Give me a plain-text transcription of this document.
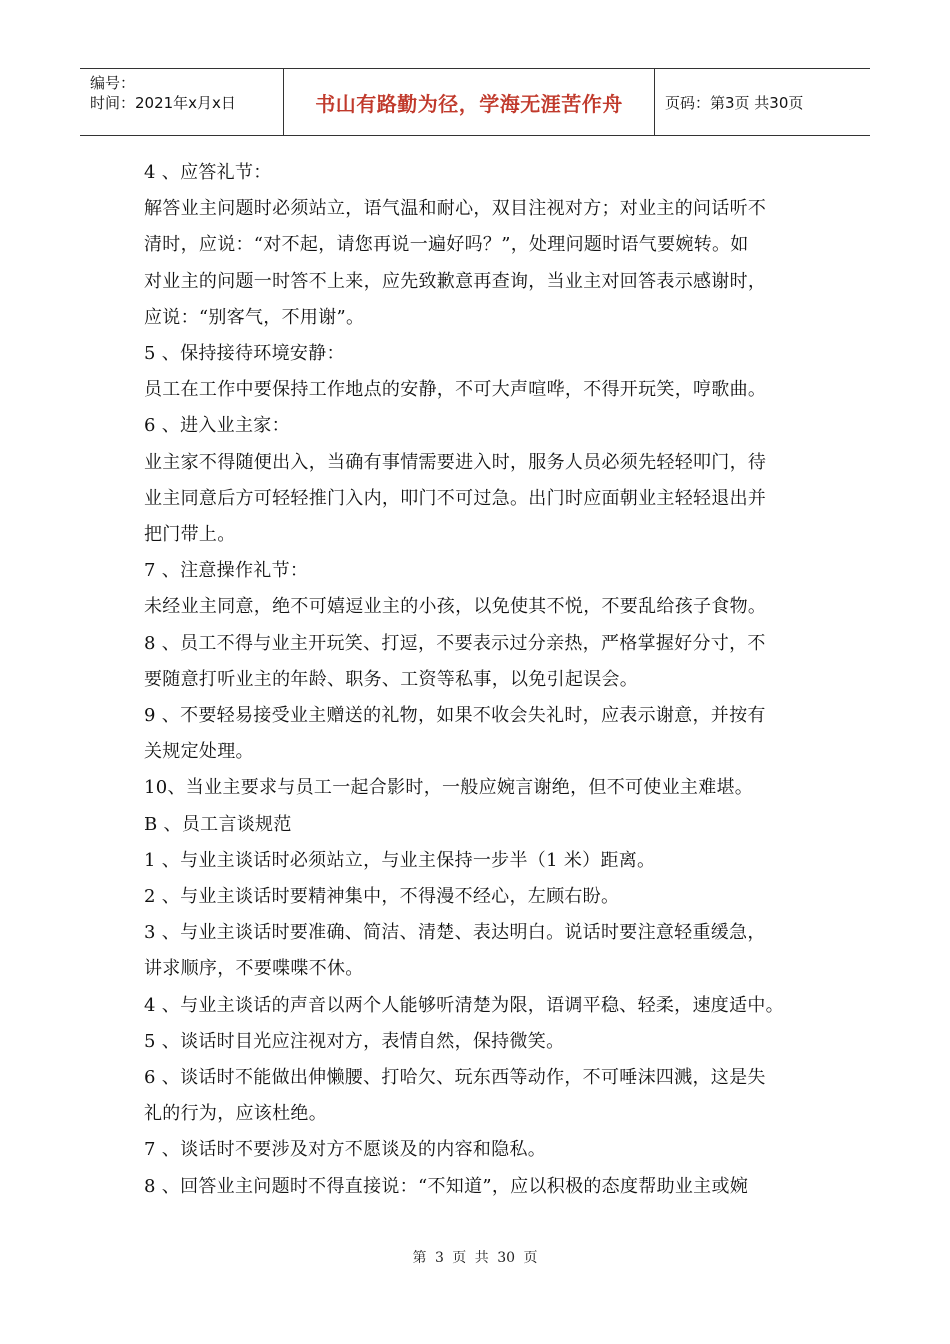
编号：
时间：2021年x月x日	书山有路勤为径，学海无涯苦作舟	页码：第3页 共30页

4 、应答礼节：

解答业主问题时必须站立，语气温和耐心，双目注视对方；对业主的问话听不

清时，应说：“对不起，请您再说一遍好吗？”，处理问题时语气要婉转。如

对业主的问题一时答不上来，应先致歉意再查询，当业主对回答表示感谢时，

应说：“别客气，不用谢”。

5 、保持接待环境安静：

员工在工作中要保持工作地点的安静，不可大声喧哗，不得开玩笑，哼歌曲。

6 、进入业主家：

业主家不得随便出入，当确有事情需要进入时，服务人员必须先轻轻叩门，待

业主同意后方可轻轻推门入内，叩门不可过急。出门时应面朝业主轻轻退出并

把门带上。

7 、注意操作礼节：

未经业主同意，绝不可嬉逗业主的小孩，以免使其不悦，不要乱给孩子食物。

8 、员工不得与业主开玩笑、打逗，不要表示过分亲热，严格掌握好分寸，不

要随意打听业主的年龄、职务、工资等私事，以免引起误会。

9 、不要轻易接受业主赠送的礼物，如果不收会失礼时，应表示谢意，并按有

关规定处理。

10、当业主要求与员工一起合影时，一般应婉言谢绝，但不可使业主难堪。

B 、员工言谈规范

1 、与业主谈话时必须站立，与业主保持一步半（1 米）距离。

2 、与业主谈话时要精神集中，不得漫不经心，左顾右盼。

3 、与业主谈话时要准确、简洁、清楚、表达明白。说话时要注意轻重缓急，

讲求顺序，不要喋喋不休。

4 、与业主谈话的声音以两个人能够听清楚为限，语调平稳、轻柔，速度适中。

5 、谈话时目光应注视对方，表情自然，保持微笑。

6 、谈话时不能做出伸懒腰、打哈欠、玩东西等动作，不可唾沫四溅，这是失

礼的行为，应该杜绝。

7 、谈话时不要涉及对方不愿谈及的内容和隐私。

8 、回答业主问题时不得直接说：“不知道”，应以积极的态度帮助业主或婉

第 3 页 共 30 页
